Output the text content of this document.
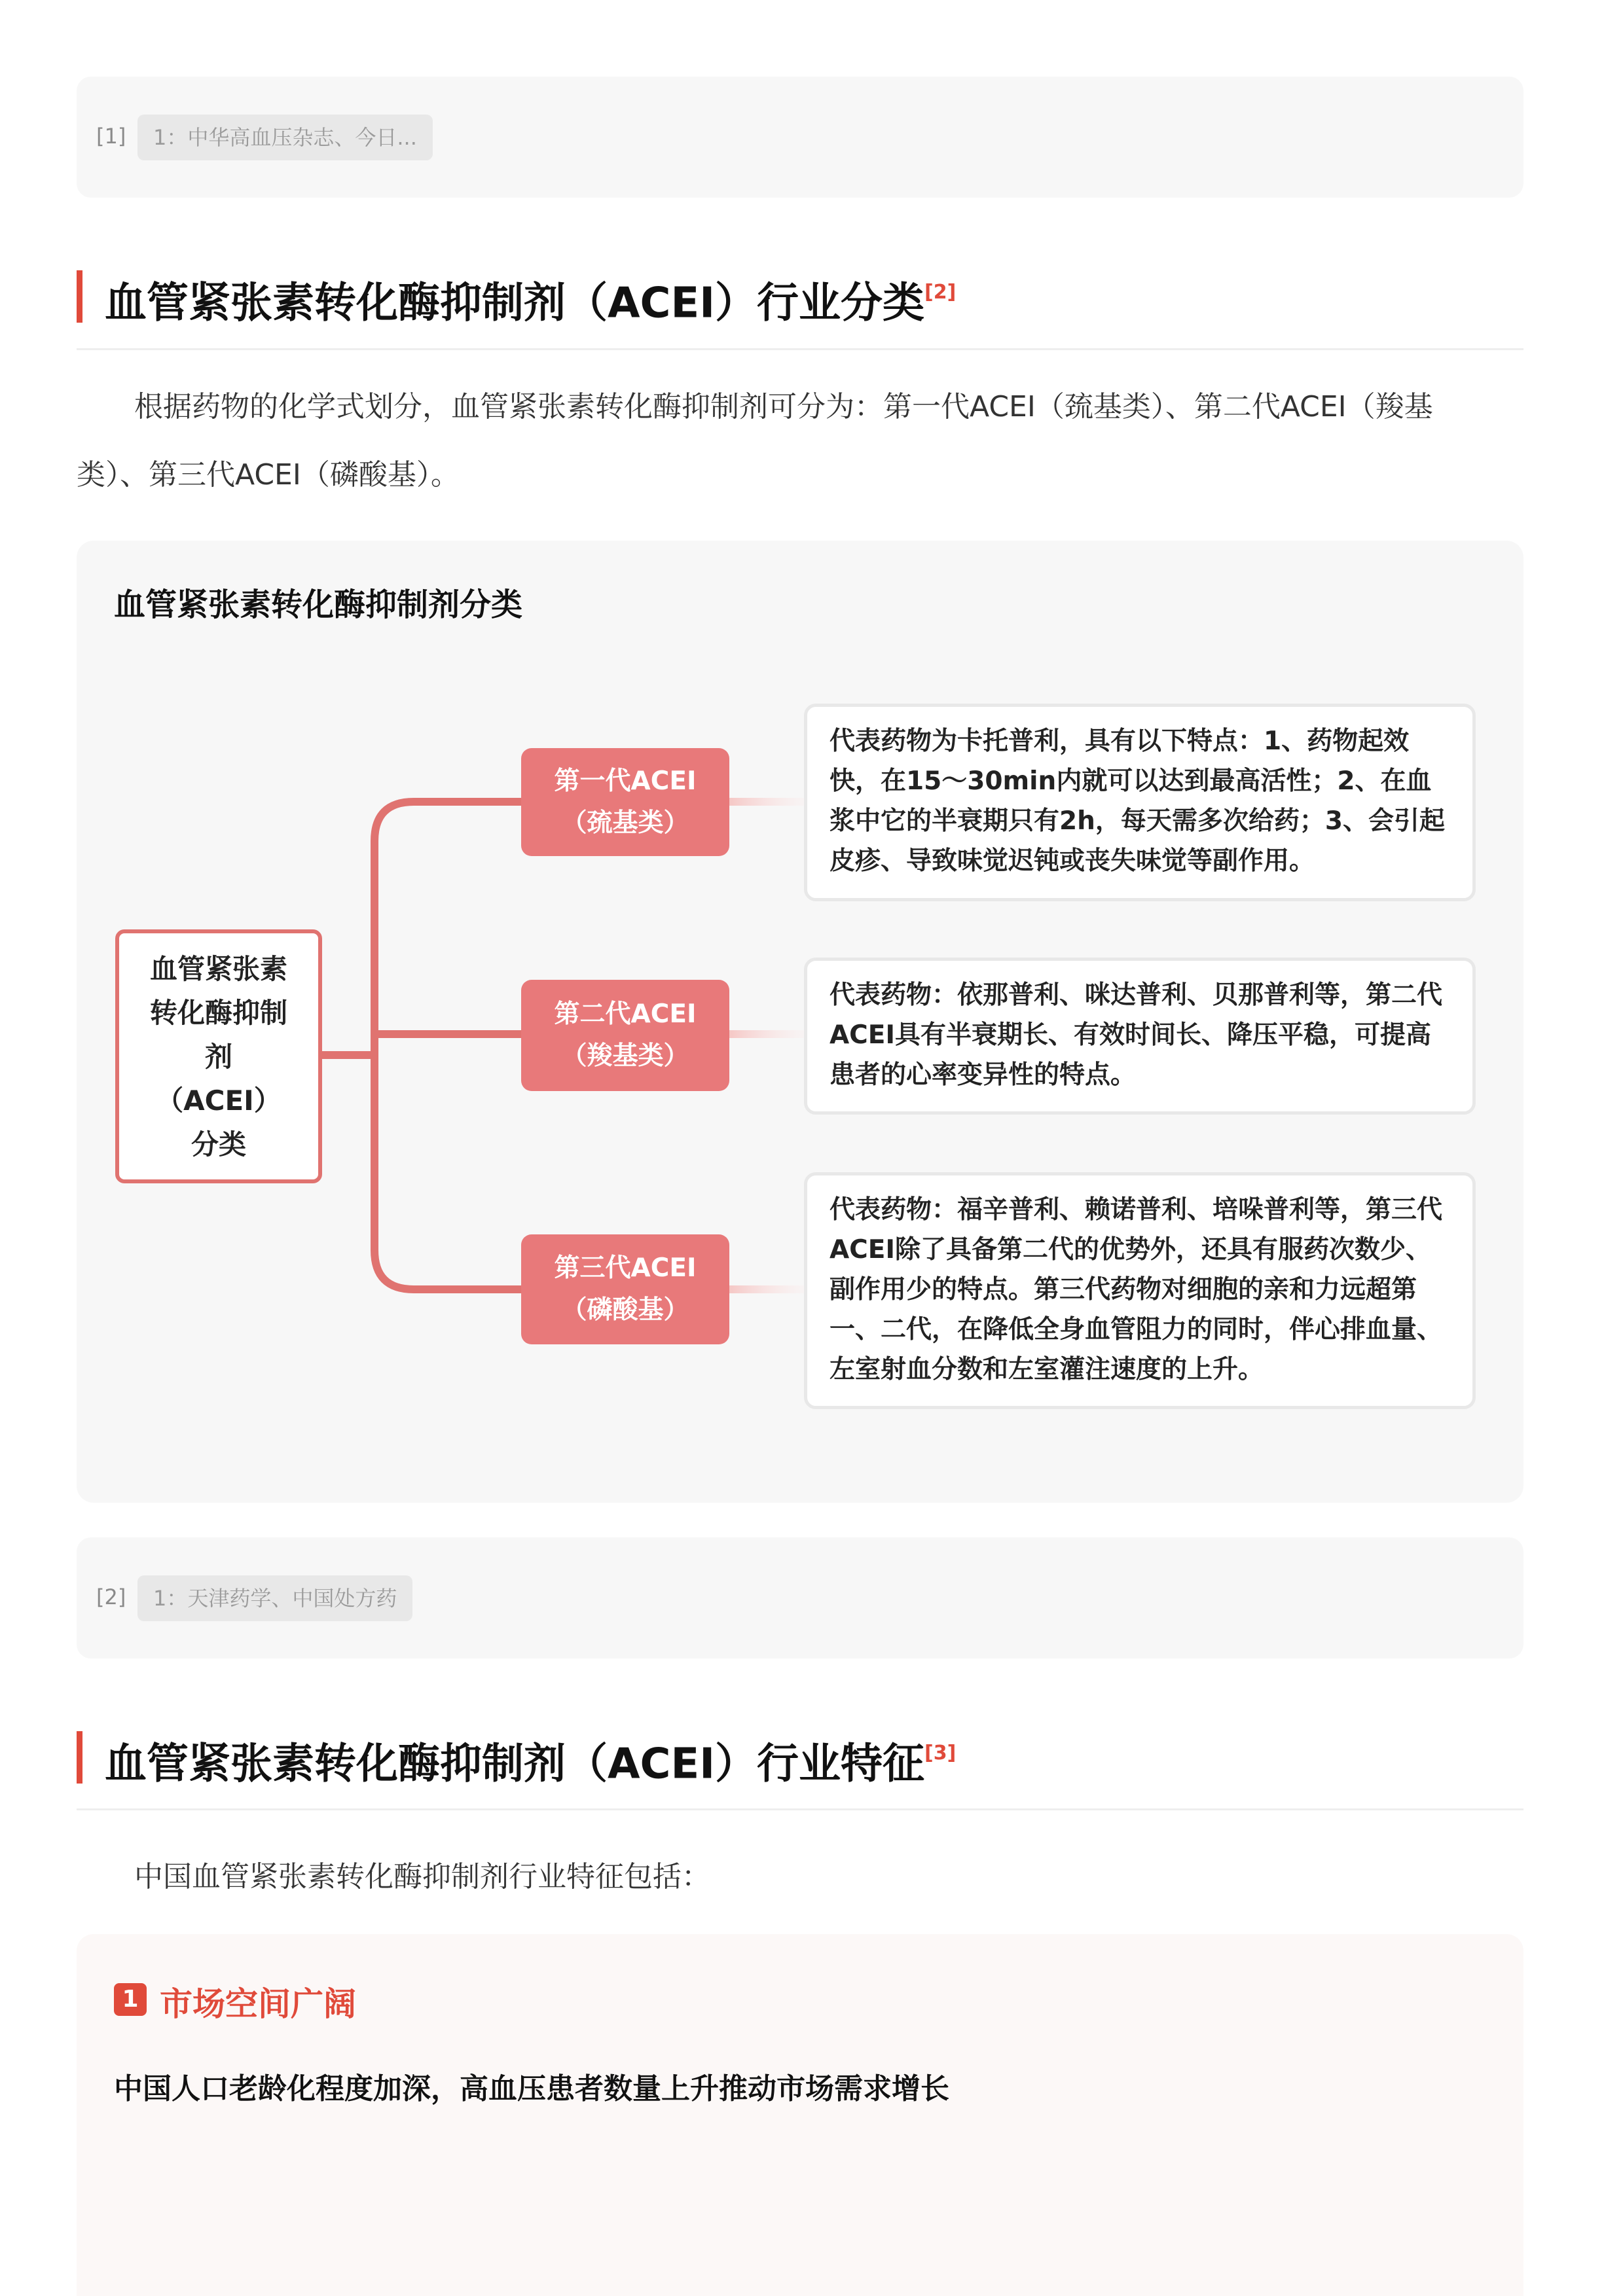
[1]	1：中华高血压杂志、今日...
血管紧张素转化酶抑制剂（ACEI）行业分类[2]
根据药物的化学式划分，血管紧张素转化酶抑制剂可分为：第一代ACEI（巯基类）、第二代ACEI（羧基
类）、第三代ACEI（磷酸基）。
血管紧张素转化酶抑制剂分类
血管紧张素
转化酶抑制
剂
（ACEI）
分类
第一代ACEI
（巯基类）
第二代ACEI
（羧基类）
第三代ACEI
（磷酸基）
代表药物为卡托普利，具有以下特点：1、药物起效快，在15～30min内就可以达到最高活性；2、在血浆中它的半衰期只有2h，每天需多次给药；3、会引起皮疹、导致味觉迟钝或丧失味觉等副作用。
代表药物：依那普利、咪达普利、贝那普利等，第二代ACEI具有半衰期长、有效时间长、降压平稳，可提高患者的心率变异性的特点。
代表药物：福辛普利、赖诺普利、培哚普利等，第三代ACEI除了具备第二代的优势外，还具有服药次数少、副作用少的特点。第三代药物对细胞的亲和力远超第一、二代，在降低全身血管阻力的同时，伴心排血量、左室射血分数和左室灌注速度的上升。
[2]	1：天津药学、中国处方药
血管紧张素转化酶抑制剂（ACEI）行业特征[3]
中国血管紧张素转化酶抑制剂行业特征包括：
1 市场空间广阔
中国人口老龄化程度加深，高血压患者数量上升推动市场需求增长
